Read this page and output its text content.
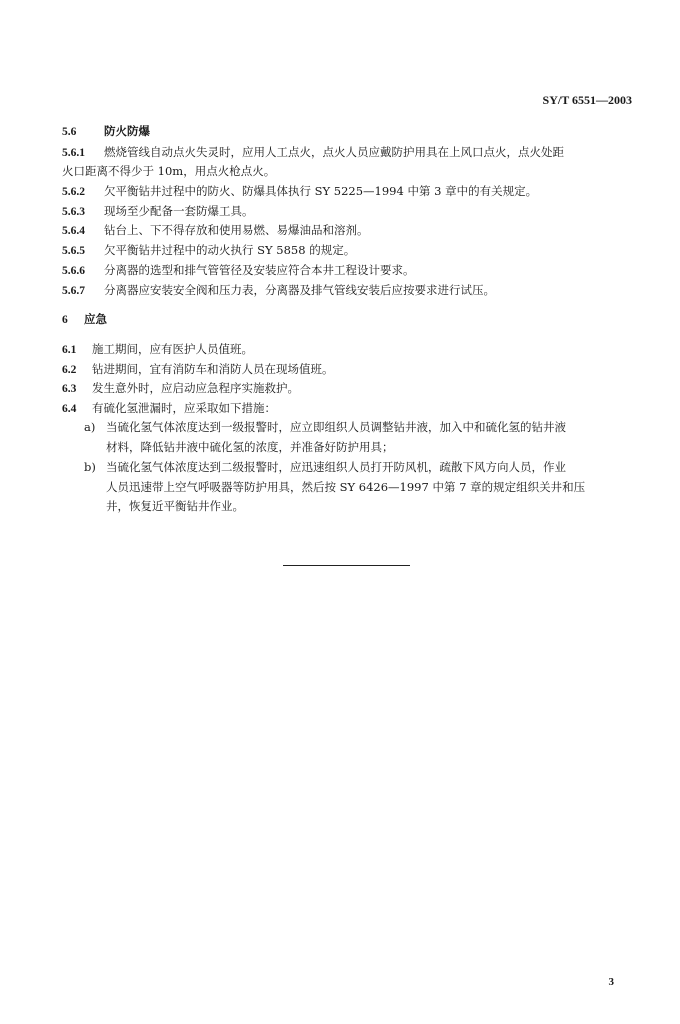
SY/T 6551—2003
5.6 防火防爆
5.6.1 燃烧管线自动点火失灵时，应用人工点火，点火人员应戴防护用具在上风口点火，点火处距
火口距离不得少于 10m，用点火枪点火。
5.6.2 欠平衡钻井过程中的防火、防爆具体执行 SY 5225—1994 中第 3 章中的有关规定。
5.6.3 现场至少配备一套防爆工具。
5.6.4 钻台上、下不得存放和使用易燃、易爆油品和溶剂。
5.6.5 欠平衡钻井过程中的动火执行 SY 5858 的规定。
5.6.6 分离器的选型和排气管管径及安装应符合本井工程设计要求。
5.6.7 分离器应安装安全阀和压力表，分离器及排气管线安装后应按要求进行试压。
6 应急
6.1 施工期间，应有医护人员值班。
6.2 钻进期间，宜有消防车和消防人员在现场值班。
6.3 发生意外时，应启动应急程序实施救护。
6.4 有硫化氢泄漏时，应采取如下措施：
a) 当硫化氢气体浓度达到一级报警时，应立即组织人员调整钻井液，加入中和硫化氢的钻井液
材料，降低钻井液中硫化氢的浓度，并准备好防护用具；
b) 当硫化氢气体浓度达到二级报警时，应迅速组织人员打开防风机，疏散下风方向人员，作业
人员迅速带上空气呼吸器等防护用具，然后按 SY 6426—1997 中第 7 章的规定组织关井和压
井，恢复近平衡钻井作业。
3
